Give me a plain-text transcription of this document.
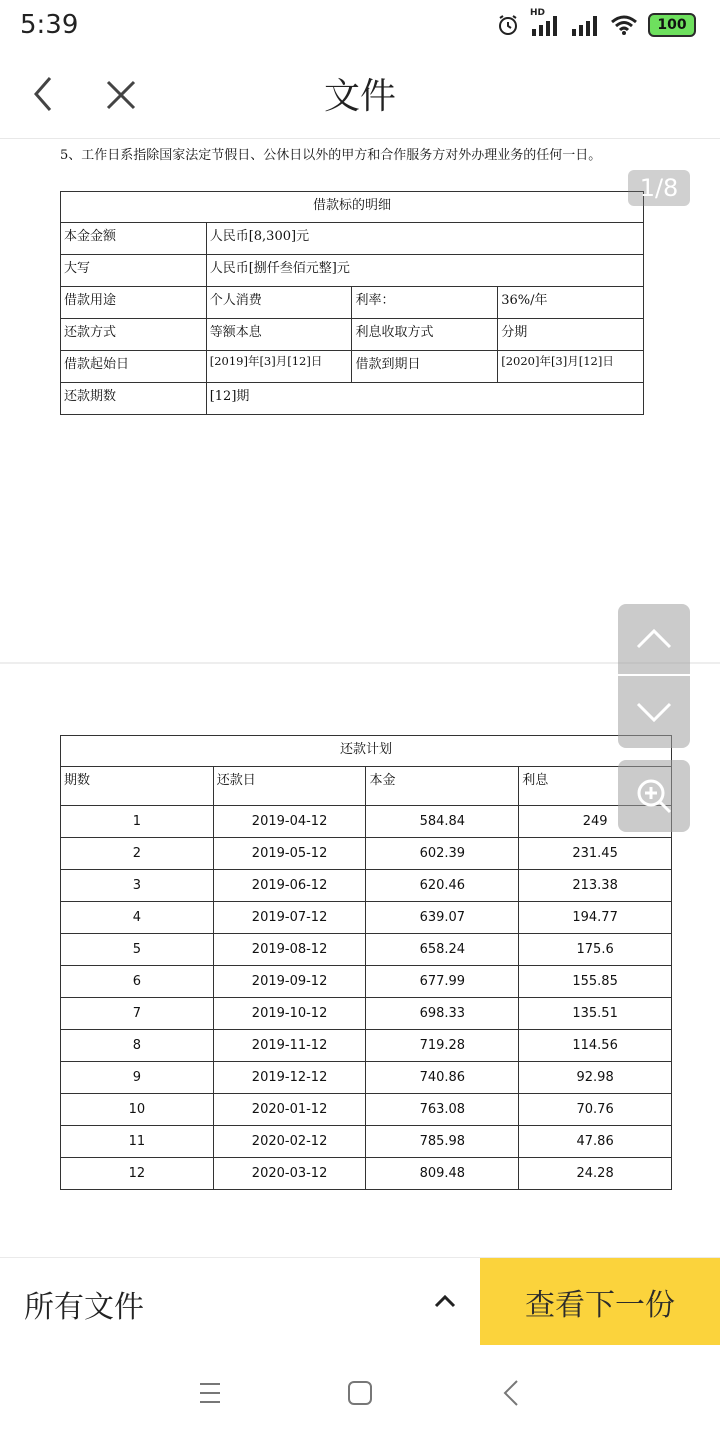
5:39	HD
100
文件
5、工作日系指除国家法定节假日、公休日以外的甲方和合作服务方对外办理业务的任何一日。
借款标的明细			
本金金额	人民币[8,300]元		
大写	人民币[捌仟叁佰元整]元		
借款用途	个人消费	利率：	36%/年
还款方式	等额本息	利息收取方式	分期
借款起始日	[2019]年[3]月[12]日	借款到期日	[2020]年[3]月[12]日
还款期数	[12]期		
还款计划			
期数	还款日	本金	利息
1	2019-04-12	584.84	249
2	2019-05-12	602.39	231.45
3	2019-06-12	620.46	213.38
4	2019-07-12	639.07	194.77
5	2019-08-12	658.24	175.6
6	2019-09-12	677.99	155.85
7	2019-10-12	698.33	135.51
8	2019-11-12	719.28	114.56
9	2019-12-12	740.86	92.98
10	2020-01-12	763.08	70.76
11	2020-02-12	785.98	47.86
12	2020-03-12	809.48	24.28
1/8
所有文件	查看下一份
